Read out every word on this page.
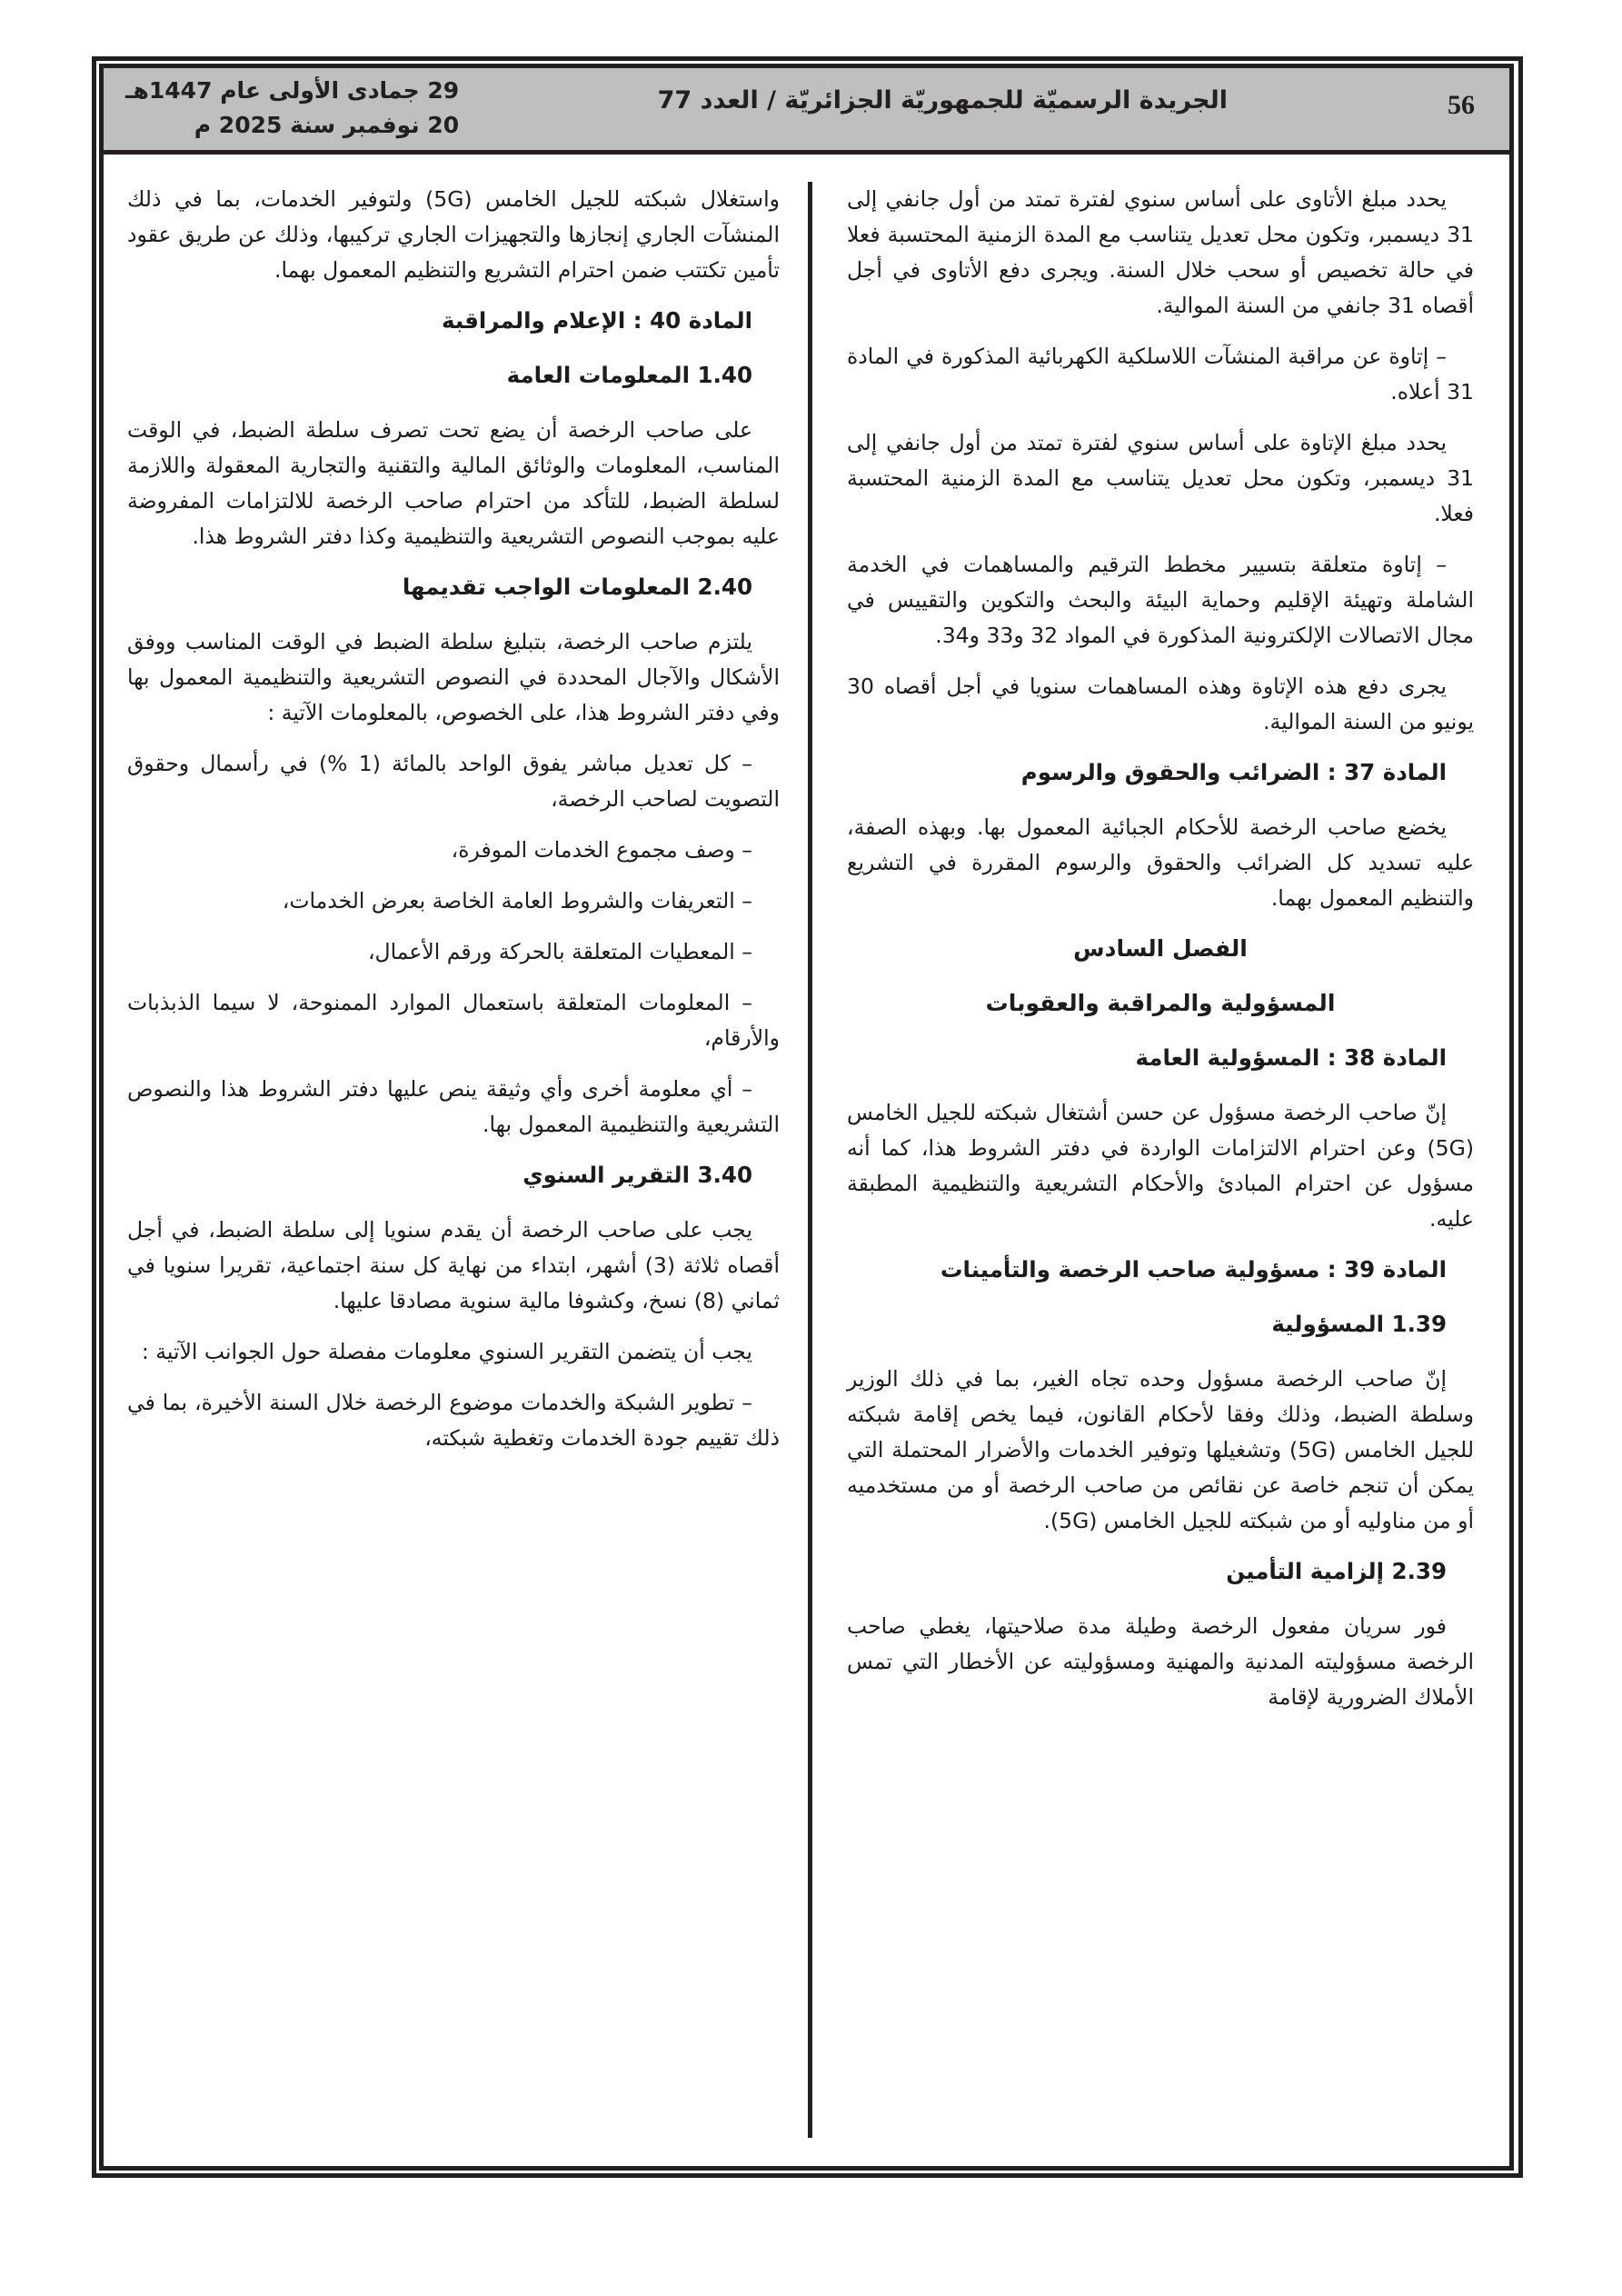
56
الجريدة الرسميّة للجمهوريّة الجزائريّة / العدد 77
29 جمادى الأولى عام 1447هـ
20 نوفمبر سنة 2025 م

يحدد مبلغ الأتاوى على أساس سنوي لفترة تمتد من أول جانفي إلى 31 ديسمبر، وتكون محل تعديل يتناسب مع المدة الزمنية المحتسبة فعلا في حالة تخصيص أو سحب خلال السنة. ويجرى دفع الأتاوى في أجل أقصاه 31 جانفي من السنة الموالية.

– إتاوة عن مراقبة المنشآت اللاسلكية الكهربائية المذكورة في المادة 31 أعلاه.

يحدد مبلغ الإتاوة على أساس سنوي لفترة تمتد من أول جانفي إلى 31 ديسمبر، وتكون محل تعديل يتناسب مع المدة الزمنية المحتسبة فعلا.

– إتاوة متعلقة بتسيير مخطط الترقيم والمساهمات في الخدمة الشاملة وتهيئة الإقليم وحماية البيئة والبحث والتكوين والتقييس في مجال الاتصالات الإلكترونية المذكورة في المواد 32 و33 و34.

يجرى دفع هذه الإتاوة وهذه المساهمات سنويا في أجل أقصاه 30 يونيو من السنة الموالية.

المادة 37 : الضرائب والحقوق والرسوم

يخضع صاحب الرخصة للأحكام الجبائية المعمول بها. وبهذه الصفة، عليه تسديد كل الضرائب والحقوق والرسوم المقررة في التشريع والتنظيم المعمول بهما.

الفصل السادس
المسؤولية والمراقبة والعقوبات
المادة 38 : المسؤولية العامة

إنّ صاحب الرخصة مسؤول عن حسن أشتغال شبكته للجيل الخامس (5G) وعن احترام الالتزامات الواردة في دفتر الشروط هذا، كما أنه مسؤول عن احترام المبادئ والأحكام التشريعية والتنظيمية المطبقة عليه.

المادة 39 : مسؤولية صاحب الرخصة والتأمينات
1.39 المسؤولية

إنّ صاحب الرخصة مسؤول وحده تجاه الغير، بما في ذلك الوزير وسلطة الضبط، وذلك وفقا لأحكام القانون، فيما يخص إقامة شبكته للجيل الخامس (5G) وتشغيلها وتوفير الخدمات والأضرار المحتملة التي يمكن أن تنجم خاصة عن نقائص من صاحب الرخصة أو من مستخدميه أو من مناوليه أو من شبكته للجيل الخامس (5G).

2.39 إلزامية التأمين

فور سريان مفعول الرخصة وطيلة مدة صلاحيتها، يغطي صاحب الرخصة مسؤوليته المدنية والمهنية ومسؤوليته عن الأخطار التي تمس الأملاك الضرورية لإقامة

واستغلال شبكته للجيل الخامس (5G) ولتوفير الخدمات، بما في ذلك المنشآت الجاري إنجازها والتجهيزات الجاري تركيبها، وذلك عن طريق عقود تأمين تكتتب ضمن احترام التشريع والتنظيم المعمول بهما.

المادة 40 : الإعلام والمراقبة
1.40 المعلومات العامة

على صاحب الرخصة أن يضع تحت تصرف سلطة الضبط، في الوقت المناسب، المعلومات والوثائق المالية والتقنية والتجارية المعقولة واللازمة لسلطة الضبط، للتأكد من احترام صاحب الرخصة للالتزامات المفروضة عليه بموجب النصوص التشريعية والتنظيمية وكذا دفتر الشروط هذا.

2.40 المعلومات الواجب تقديمها

يلتزم صاحب الرخصة، بتبليغ سلطة الضبط في الوقت المناسب ووفق الأشكال والآجال المحددة في النصوص التشريعية والتنظيمية المعمول بها وفي دفتر الشروط هذا، على الخصوص، بالمعلومات الآتية :

– كل تعديل مباشر يفوق الواحد بالمائة (1 %) في رأسمال وحقوق التصويت لصاحب الرخصة،

– وصف مجموع الخدمات الموفرة،

– التعريفات والشروط العامة الخاصة بعرض الخدمات،

– المعطيات المتعلقة بالحركة ورقم الأعمال،

– المعلومات المتعلقة باستعمال الموارد الممنوحة، لا سيما الذبذبات والأرقام،

– أي معلومة أخرى وأي وثيقة ينص عليها دفتر الشروط هذا والنصوص التشريعية والتنظيمية المعمول بها.

3.40 التقرير السنوي

يجب على صاحب الرخصة أن يقدم سنويا إلى سلطة الضبط، في أجل أقصاه ثلاثة (3) أشهر، ابتداء من نهاية كل سنة اجتماعية، تقريرا سنويا في ثماني (8) نسخ، وكشوفا مالية سنوية مصادقا عليها.

يجب أن يتضمن التقرير السنوي معلومات مفصلة حول الجوانب الآتية :

– تطوير الشبكة والخدمات موضوع الرخصة خلال السنة الأخيرة، بما في ذلك تقييم جودة الخدمات وتغطية شبكته،
